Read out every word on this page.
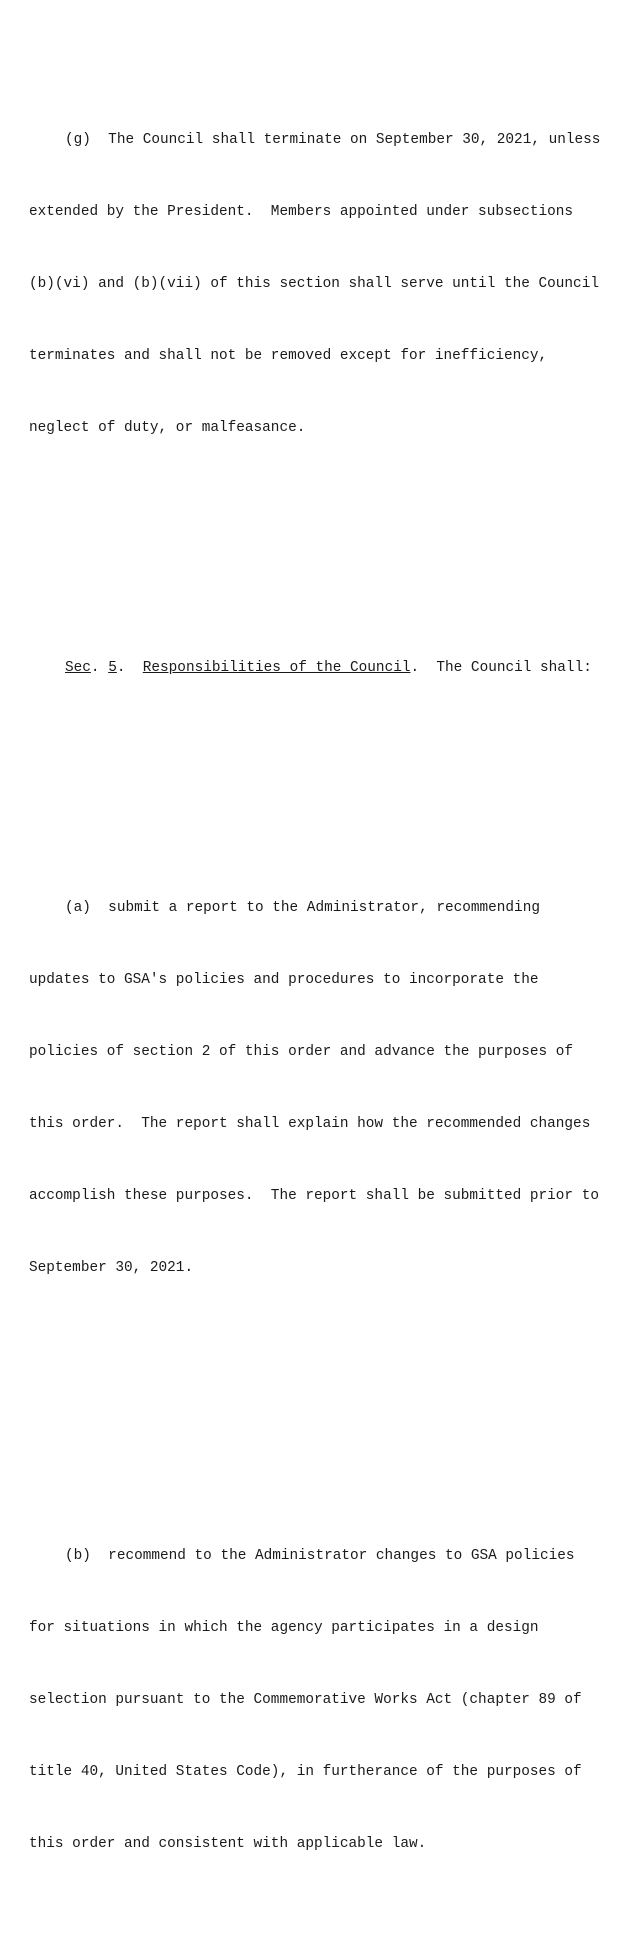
(g)  The Council shall terminate on September 30, 2021, unless

extended by the President.  Members appointed under subsections

(b)(vi) and (b)(vii) of this section shall serve until the Council

terminates and shall not be removed except for inefficiency,

neglect of duty, or malfeasance.

Sec. 5.  Responsibilities of the Council.  The Council shall:

(a)  submit a report to the Administrator, recommending

updates to GSA's policies and procedures to incorporate the

policies of section 2 of this order and advance the purposes of

this order.  The report shall explain how the recommended changes

accomplish these purposes.  The report shall be submitted prior to

September 30, 2021.

(b)  recommend to the Administrator changes to GSA policies

for situations in which the agency participates in a design

selection pursuant to the Commemorative Works Act (chapter 89 of

title 40, United States Code), in furtherance of the purposes of

this order and consistent with applicable law.
